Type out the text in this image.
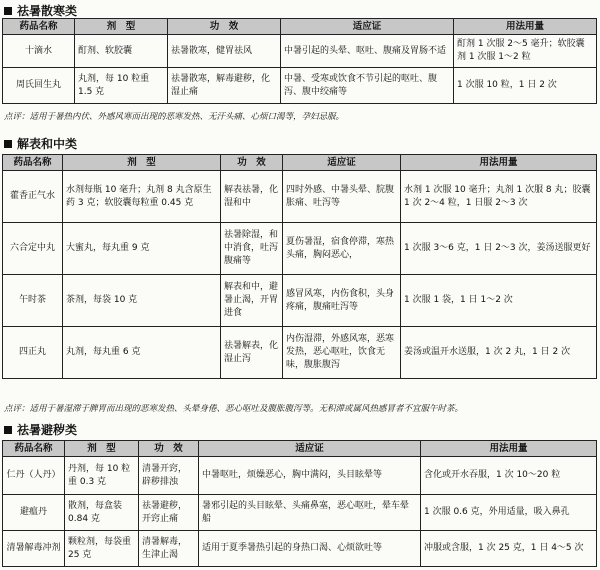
祛暑散寒类
药品名称	剂　型	功　效	适应证	用法用量
十滴水	酊剂、软胶囊	祛暑散寒，健胃祛风	中暑引起的头晕、呕吐、腹痛及胃肠不适	酊剂 1 次服 2～5 毫升；软胶囊剂 1 次服 1～2 粒
周氏回生丸	丸剂，每 10 粒重 1.5 克	祛暑散寒，解毒避秽，化湿止痛	中暑、受寒或饮食不节引起的呕吐、腹泻、腹中绞痛等	1 次服 10 粒，1 日 2 次
点评：适用于暑热内伏、外感风寒而出现的恶寒发热、无汗头痛、心烦口渴等，孕妇忌服。
解表和中类
药品名称	剂　型	功　效	适应证	用法用量
藿香正气水	水剂每瓶 10 毫升；丸剂 8 丸含原生药 3 克；软胶囊每粒重 0.45 克	解表祛暑，化湿和中	四时外感、中暑头晕、脘腹胀痛、吐泻等	水剂 1 次服 10 毫升；丸剂 1 次服 8 丸；胶囊 1 次 2～4 粒，1 日服 2～3 次
六合定中丸	大蜜丸，每丸重 9 克	祛暑除湿，和中消食，吐泻腹痛等	夏伤暑湿，宿食停滞，寒热头痛，胸闷恶心，	1 次服 3～6 克，1 日 2～3 次，姜汤送服更好
午时茶	茶剂，每袋 10 克	解表和中，避暑止渴，开胃进食	感冒风寒，内伤食积，头身疼痛，腹痛吐泻等	1 次服 1 袋，1 日 1～2 次
四正丸	丸剂，每丸重 6 克	祛暑解表，化湿止泻	内伤湿滞，外感风寒，恶寒发热，恶心呕吐，饮食无味，腹胀腹泻	姜汤或温开水送服，1 次 2 丸，1 日 2 次
点评：适用于暑湿滞于脾胃而出现的恶寒发热、头晕身倦、恶心呕吐及腹胀腹泻等。无积滞或属风热感冒者不宜服午时茶。
祛暑避秽类
药品名称	剂　型	功　效	适应证	用法用量
仁丹（人丹）	丹剂，每 10 粒重 0.3 克	清暑开窍，辟秽排浊	中暑呕吐，烦燥恶心，胸中满闷，头目眩晕等	含化或开水吞服，1 次 10～20 粒
避瘟丹	散剂，每盒装 0.84 克	祛暑避秽，开窍止痛	暑邪引起的头目眩晕、头痛鼻塞，恶心呕吐，晕车晕船	1 次服 0.6 克，外用适量，吸入鼻孔
清暑解毒冲剂	颗粒剂，每袋重 25 克	清暑解毒，生津止渴	适用于夏季暑热引起的身热口渴、心烦欲吐等	冲服或含服，1 次 25 克，1 日 4～5 次
